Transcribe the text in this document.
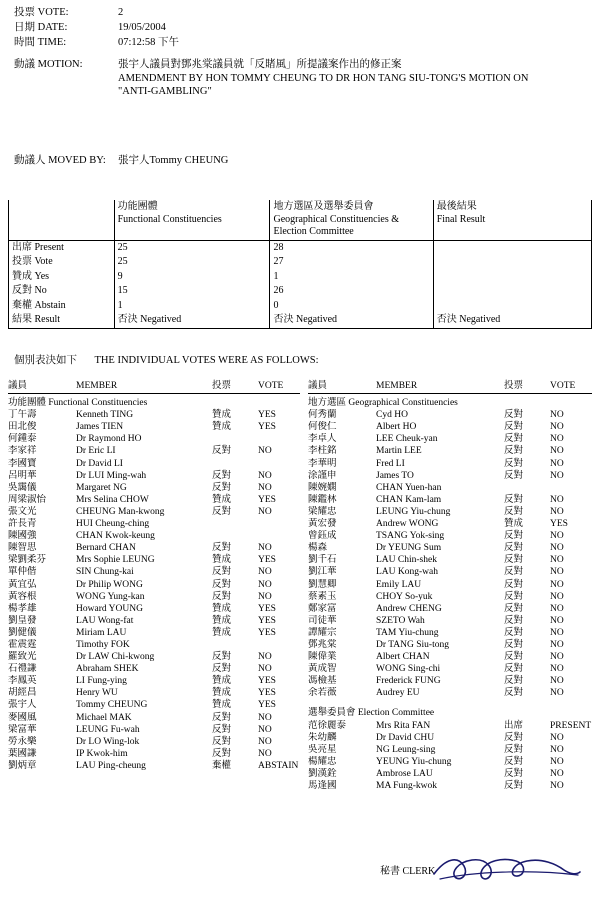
投票 VOTE:	2
日期 DATE:	19/05/2004
時間 TIME:	07:12:58 下午
動議 MOTION:	張宇人議員對鄧兆棠議員就「反賭風」所提議案作出的修正案
AMENDMENT BY HON TOMMY CHEUNG TO DR HON TANG SIU-TONG'S MOTION ON
"ANTI-GAMBLING"
動議人 MOVED BY:	張宇人Tommy CHEUNG
	功能團體
Functional Constituencies	地方選區及選舉委員會
Geographical Constituencies &
Election Committee	最後結果
Final Result
出席 Present	25	28	
投票 Vote	25	27	
贊成 Yes	9	1	
反對 No	15	26	
棄權 Abstain	1	0	
結果 Result	否決 Negatived	否決 Negatived	否決 Negatived
個別表決如下 THE INDIVIDUAL VOTES WERE AS FOLLOWS:
議員	MEMBER	投票	VOTE
功能團體 Functional Constituencies
丁午壽	Kenneth TING	贊成	YES
田北俊	James TIEN	贊成	YES
何鍾泰	Dr Raymond HO
李家祥	Dr Eric LI	反對	NO
李國寶	Dr David LI
呂明華	Dr LUI Ming-wah	反對	NO
吳靄儀	Margaret NG	反對	NO
周梁淑怡	Mrs Selina CHOW	贊成	YES
張文光	CHEUNG Man-kwong	反對	NO
許長青	HUI Cheung-ching
陳國強	CHAN Kwok-keung
陳智思	Bernard CHAN	反對	NO
梁劉柔芬	Mrs Sophie LEUNG	贊成	YES
單仲偕	SIN Chung-kai	反對	NO
黃宜弘	Dr Philip WONG	反對	NO
黃容根	WONG Yung-kan	反對	NO
楊孝雄	Howard YOUNG	贊成	YES
劉皇發	LAU Wong-fat	贊成	YES
劉健儀	Miriam LAU	贊成	YES
霍震霆	Timothy FOK
羅致光	Dr LAW Chi-kwong	反對	NO
石禮謙	Abraham SHEK	反對	NO
李鳳英	LI Fung-ying	贊成	YES
胡經昌	Henry WU	贊成	YES
張宇人	Tommy CHEUNG	贊成	YES
麥國風	Michael MAK	反對	NO
梁富華	LEUNG Fu-wah	反對	NO
勞永樂	Dr LO Wing-lok	反對	NO
葉國謙	IP Kwok-him	反對	NO
劉炳章	LAU Ping-cheung	棄權	ABSTAIN
議員	MEMBER	投票	VOTE
地方選區 Geographical Constituencies
何秀蘭	Cyd HO	反對	NO
何俊仁	Albert HO	反對	NO
李卓人	LEE Cheuk-yan	反對	NO
李柱銘	Martin LEE	反對	NO
李華明	Fred LI	反對	NO
涂謹申	James TO	反對	NO
陳婉嫻	CHAN Yuen-han
陳鑑林	CHAN Kam-lam	反對	NO
梁耀忠	LEUNG Yiu-chung	反對	NO
黃宏發	Andrew WONG	贊成	YES
曾鈺成	TSANG Yok-sing	反對	NO
楊森	Dr YEUNG Sum	反對	NO
劉千石	LAU Chin-shek	反對	NO
劉江華	LAU Kong-wah	反對	NO
劉慧卿	Emily LAU	反對	NO
蔡素玉	CHOY So-yuk	反對	NO
鄭家富	Andrew CHENG	反對	NO
司徒華	SZETO Wah	反對	NO
譚耀宗	TAM Yiu-chung	反對	NO
鄧兆棠	Dr TANG Siu-tong	反對	NO
陳偉業	Albert CHAN	反對	NO
黃成智	WONG Sing-chi	反對	NO
馮檢基	Frederick FUNG	反對	NO
余若薇	Audrey EU	反對	NO
選舉委員會 Election Committee
范徐麗泰	Mrs Rita FAN	出席	PRESENT
朱幼麟	Dr David CHU	反對	NO
吳亮星	NG Leung-sing	反對	NO
楊耀忠	YEUNG Yiu-chung	反對	NO
劉漢銓	Ambrose LAU	反對	NO
馬逢國	MA Fung-kwok	反對	NO
秘書 CLERK
